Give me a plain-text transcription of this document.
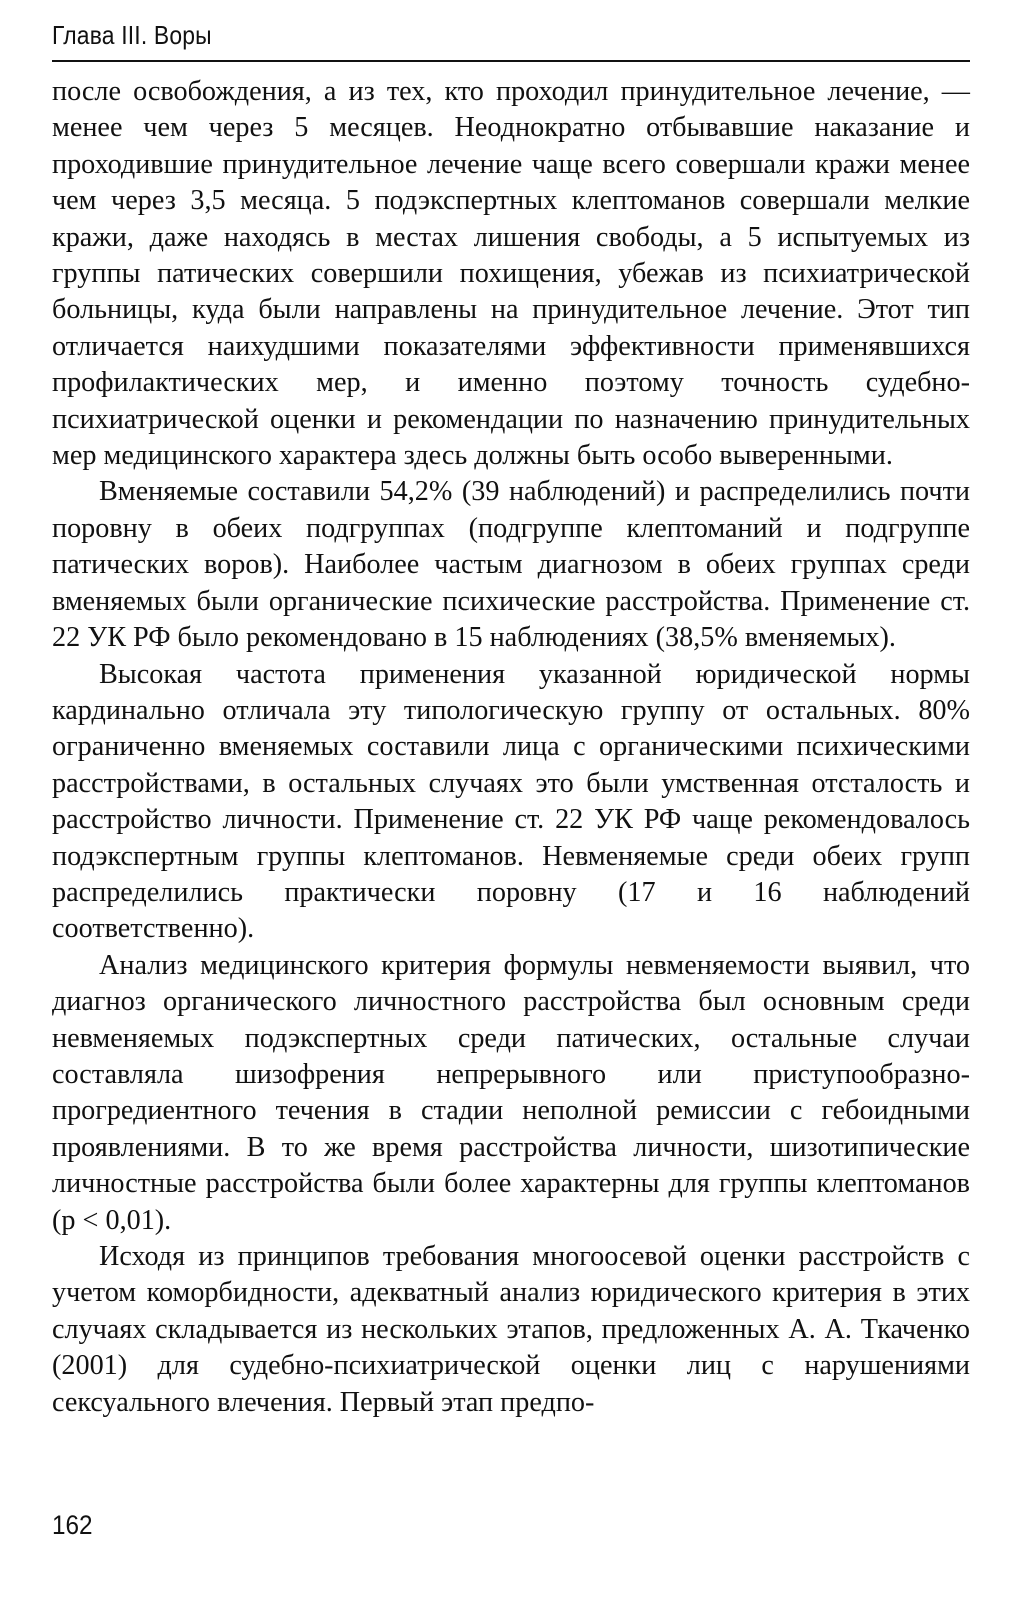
Глава III. Воры

после освобождения, а из тех, кто проходил принудительное лечение, — менее чем через 5 месяцев. Неоднократно отбывавшие наказание и проходившие принудительное лечение чаще всего совершали кражи менее чем через 3,5 месяца. 5 подэкспертных клептоманов совершали мелкие кражи, даже находясь в местах лишения свободы, а 5 испытуемых из группы патических совершили похищения, убежав из психиатрической больницы, куда были направлены на принудительное лечение. Этот тип отличается наихудшими показателями эффективности применявшихся профилактических мер, и именно поэтому точность судебно-психиатрической оценки и рекомендации по назначению принудительных мер медицинского характера здесь должны быть особо выверенными.

Вменяемые составили 54,2% (39 наблюдений) и распределились почти поровну в обеих подгруппах (подгруппе клептоманий и подгруппе патических воров). Наиболее частым диагнозом в обеих группах среди вменяемых были органические психические расстройства. Применение ст. 22 УК РФ было рекомендовано в 15 наблюдениях (38,5% вменяемых).

Высокая частота применения указанной юридической нормы кардинально отличала эту типологическую группу от остальных. 80% ограниченно вменяемых составили лица с органическими психическими расстройствами, в остальных случаях это были умственная отсталость и расстройство личности. Применение ст. 22 УК РФ чаще рекомендовалось подэкспертным группы клептоманов. Невменяемые среди обеих групп распределились практически поровну (17 и 16 наблюдений соответственно).

Анализ медицинского критерия формулы невменяемости выявил, что диагноз органического личностного расстройства был основным среди невменяемых подэкспертных среди патических, остальные случаи составляла шизофрения непрерывного или приступообразно-прогредиентного течения в стадии неполной ремиссии с гебоидными проявлениями. В то же время расстройства личности, шизотипические личностные расстройства были более характерны для группы клептоманов (р < 0,01).

Исходя из принципов требования многоосевой оценки расстройств с учетом коморбидности, адекватный анализ юридического критерия в этих случаях складывается из нескольких этапов, предложенных А. А. Ткаченко (2001) для судебно-психиатрической оценки лиц с нарушениями сексуального влечения. Первый этап предпо-

162
